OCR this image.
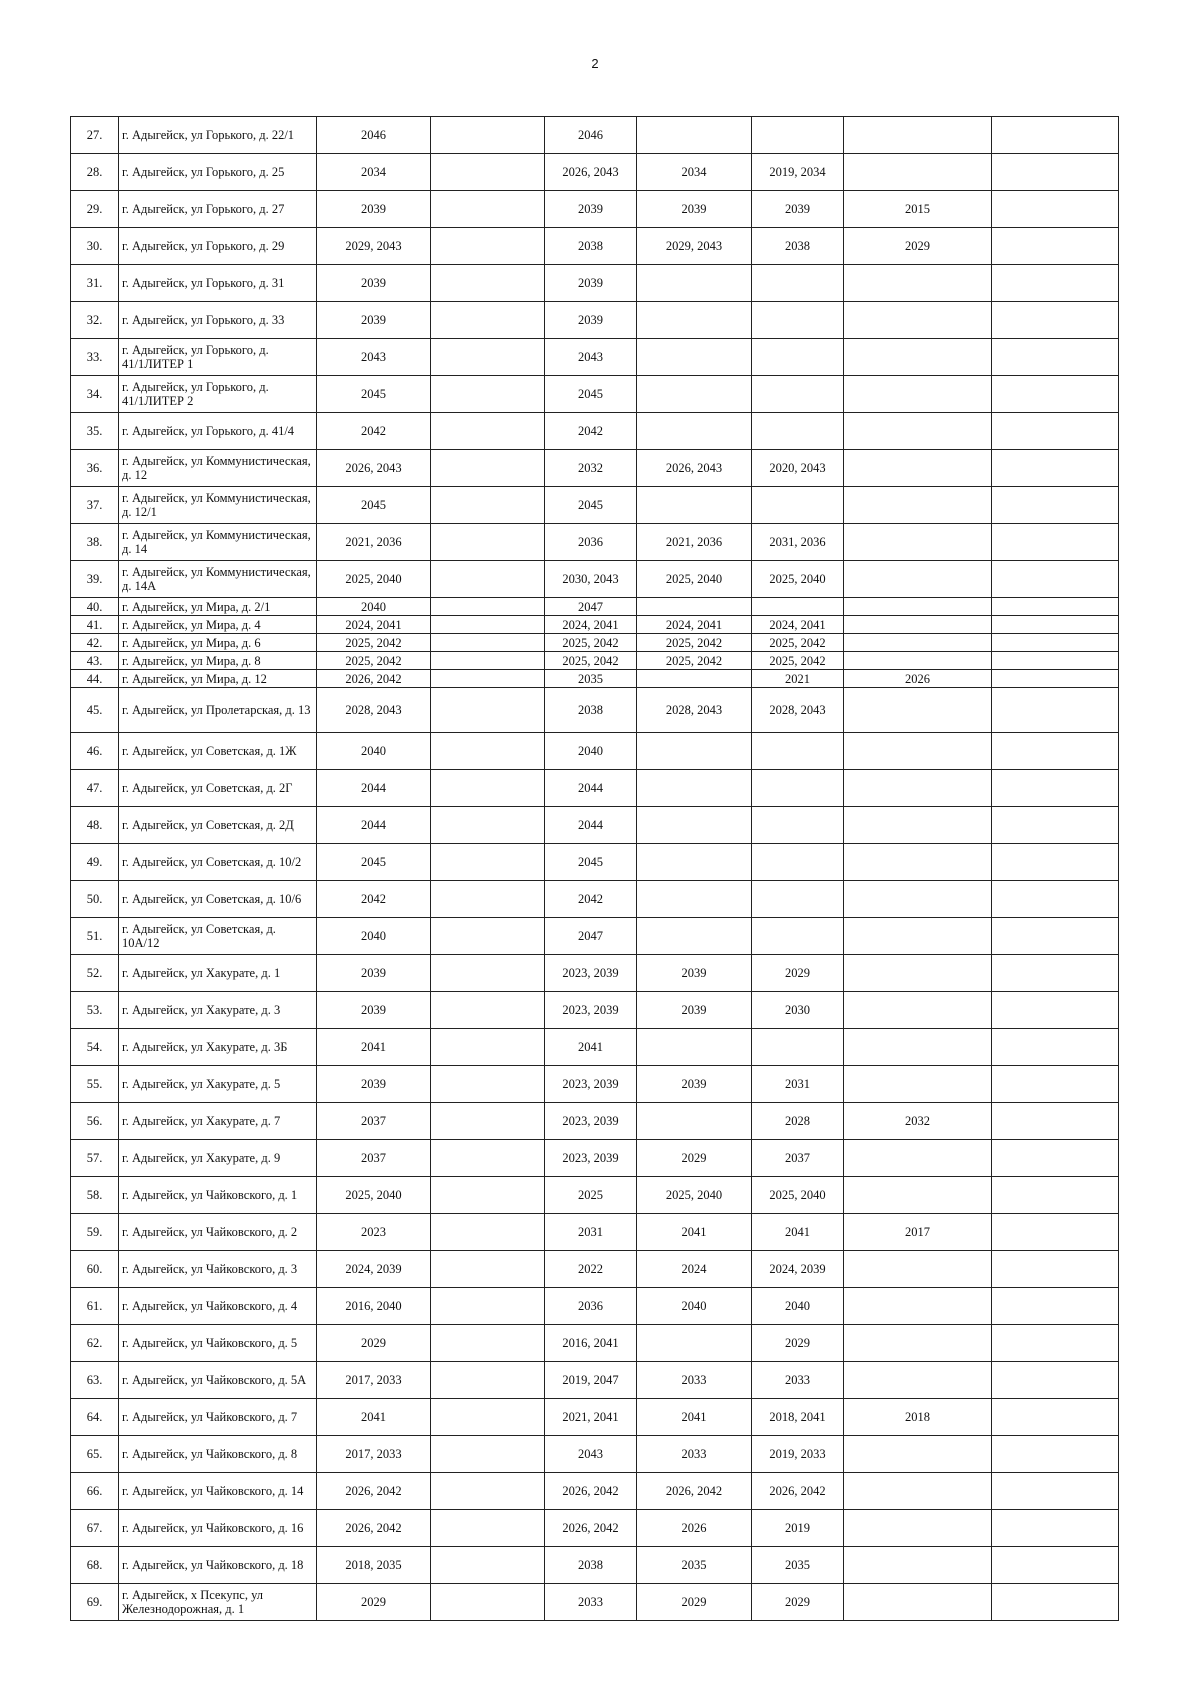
2
27.	г. Адыгейск, ул Горького, д. 22/1	2046		2046				
28.	г. Адыгейск, ул Горького, д. 25	2034		2026, 2043	2034	2019, 2034		
29.	г. Адыгейск, ул Горького, д. 27	2039		2039	2039	2039	2015	
30.	г. Адыгейск, ул Горького, д. 29	2029, 2043		2038	2029, 2043	2038	2029	
31.	г. Адыгейск, ул Горького, д. 31	2039		2039				
32.	г. Адыгейск, ул Горького, д. 33	2039		2039				
33.	г. Адыгейск, ул Горького, д. 41/1ЛИТЕР 1	2043		2043				
34.	г. Адыгейск, ул Горького, д. 41/1ЛИТЕР 2	2045		2045				
35.	г. Адыгейск, ул Горького, д. 41/4	2042		2042				
36.	г. Адыгейск, ул Коммунистическая, д. 12	2026, 2043		2032	2026, 2043	2020, 2043		
37.	г. Адыгейск, ул Коммунистическая, д. 12/1	2045		2045				
38.	г. Адыгейск, ул Коммунистическая, д. 14	2021, 2036		2036	2021, 2036	2031, 2036		
39.	г. Адыгейск, ул Коммунистическая, д. 14А	2025, 2040		2030, 2043	2025, 2040	2025, 2040		
40.	г. Адыгейск, ул Мира, д. 2/1	2040		2047				
41.	г. Адыгейск, ул Мира, д. 4	2024, 2041		2024, 2041	2024, 2041	2024, 2041		
42.	г. Адыгейск, ул Мира, д. 6	2025, 2042		2025, 2042	2025, 2042	2025, 2042		
43.	г. Адыгейск, ул Мира, д. 8	2025, 2042		2025, 2042	2025, 2042	2025, 2042		
44.	г. Адыгейск, ул Мира, д. 12	2026, 2042		2035		2021	2026	
45.	г. Адыгейск, ул Пролетарская, д. 13	2028, 2043		2038	2028, 2043	2028, 2043		
46.	г. Адыгейск, ул Советская, д. 1Ж	2040		2040				
47.	г. Адыгейск, ул Советская, д. 2Г	2044		2044				
48.	г. Адыгейск, ул Советская, д. 2Д	2044		2044				
49.	г. Адыгейск, ул Советская, д. 10/2	2045		2045				
50.	г. Адыгейск, ул Советская, д. 10/6	2042		2042				
51.	г. Адыгейск, ул Советская, д. 10А/12	2040		2047				
52.	г. Адыгейск, ул Хакурате, д. 1	2039		2023, 2039	2039	2029		
53.	г. Адыгейск, ул Хакурате, д. 3	2039		2023, 2039	2039	2030		
54.	г. Адыгейск, ул Хакурате, д. 3Б	2041		2041				
55.	г. Адыгейск, ул Хакурате, д. 5	2039		2023, 2039	2039	2031		
56.	г. Адыгейск, ул Хакурате, д. 7	2037		2023, 2039		2028	2032	
57.	г. Адыгейск, ул Хакурате, д. 9	2037		2023, 2039	2029	2037		
58.	г. Адыгейск, ул Чайковского, д. 1	2025, 2040		2025	2025, 2040	2025, 2040		
59.	г. Адыгейск, ул Чайковского, д. 2	2023		2031	2041	2041	2017	
60.	г. Адыгейск, ул Чайковского, д. 3	2024, 2039		2022	2024	2024, 2039		
61.	г. Адыгейск, ул Чайковского, д. 4	2016, 2040		2036	2040	2040		
62.	г. Адыгейск, ул Чайковского, д. 5	2029		2016, 2041		2029		
63.	г. Адыгейск, ул Чайковского, д. 5А	2017, 2033		2019, 2047	2033	2033		
64.	г. Адыгейск, ул Чайковского, д. 7	2041		2021, 2041	2041	2018, 2041	2018	
65.	г. Адыгейск, ул Чайковского, д. 8	2017, 2033		2043	2033	2019, 2033		
66.	г. Адыгейск, ул Чайковского, д. 14	2026, 2042		2026, 2042	2026, 2042	2026, 2042		
67.	г. Адыгейск, ул Чайковского, д. 16	2026, 2042		2026, 2042	2026	2019		
68.	г. Адыгейск, ул Чайковского, д. 18	2018, 2035		2038	2035	2035		
69.	г. Адыгейск, х Псекупс, ул Железнодорожная, д. 1	2029		2033	2029	2029		
